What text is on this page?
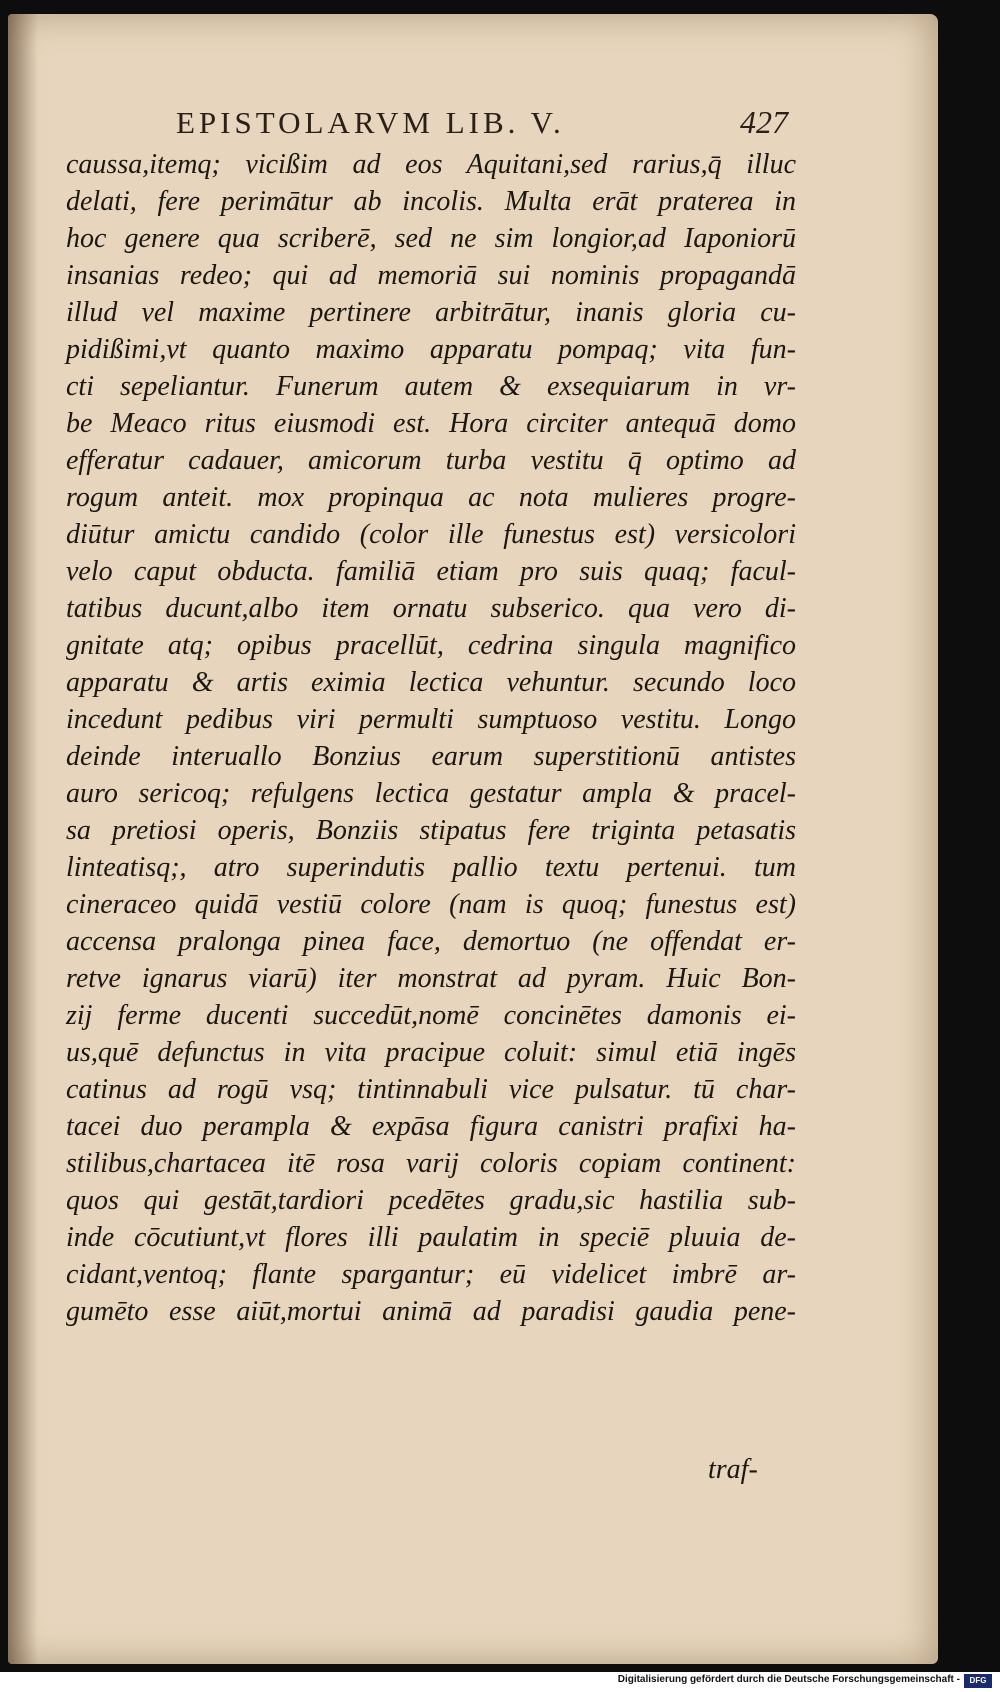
EPISTOLARVM LIB. V.	427
caussa,itemq; vicißim ad eos Aquitani,sed rarius,q̄ illuc
delati, fere perimātur ab incolis. Multa erāt praterea in
hoc genere qua scriberē, sed ne sim longior,ad Iaponiorū
insanias redeo; qui ad memoriā sui nominis propagandā
illud vel maxime pertinere arbitrātur, inanis gloria cu-
pidißimi,vt quanto maximo apparatu pompaq; vita fun-
cti sepeliantur. Funerum autem & exsequiarum in vr-
be Meaco ritus eiusmodi est. Hora circiter antequā domo
efferatur cadauer, amicorum turba vestitu q̄ optimo ad
rogum anteit. mox propinqua ac nota mulieres progre-
diūtur amictu candido (color ille funestus est) versicolori
velo caput obducta. familiā etiam pro suis quaq; facul-
tatibus ducunt,albo item ornatu subserico. qua vero di-
gnitate atq; opibus pracellūt, cedrina singula magnifico
apparatu & artis eximia lectica vehuntur. secundo loco
incedunt pedibus viri permulti sumptuoso vestitu. Longo
deinde interuallo Bonzius earum superstitionū antistes
auro sericoq; refulgens lectica gestatur ampla & pracel-
sa pretiosi operis, Bonziis stipatus fere triginta petasatis
linteatisq;, atro superindutis pallio textu pertenui. tum
cineraceo quidā vestiū colore (nam is quoq; funestus est)
accensa pralonga pinea face, demortuo (ne offendat er-
retve ignarus viarū) iter monstrat ad pyram. Huic Bon-
zij ferme ducenti succedūt,nomē concinētes damonis ei-
us,quē defunctus in vita pracipue coluit: simul etiā ingēs
catinus ad rogū vsq; tintinnabuli vice pulsatur. tū char-
tacei duo perampla & expāsa figura canistri prafixi ha-
stilibus,chartacea itē rosa varij coloris copiam continent:
quos qui gestāt,tardiori pcedētes gradu,sic hastilia sub-
inde cōcutiunt,vt flores illi paulatim in speciē pluuia de-
cidant,ventoq; flante spargantur; eū videlicet imbrē ar-
gumēto esse aiūt,mortui animā ad paradisi gaudia pene-
traf-
Digitalisierung gefördert durch die Deutsche Forschungsgemeinschaft -	DFG
